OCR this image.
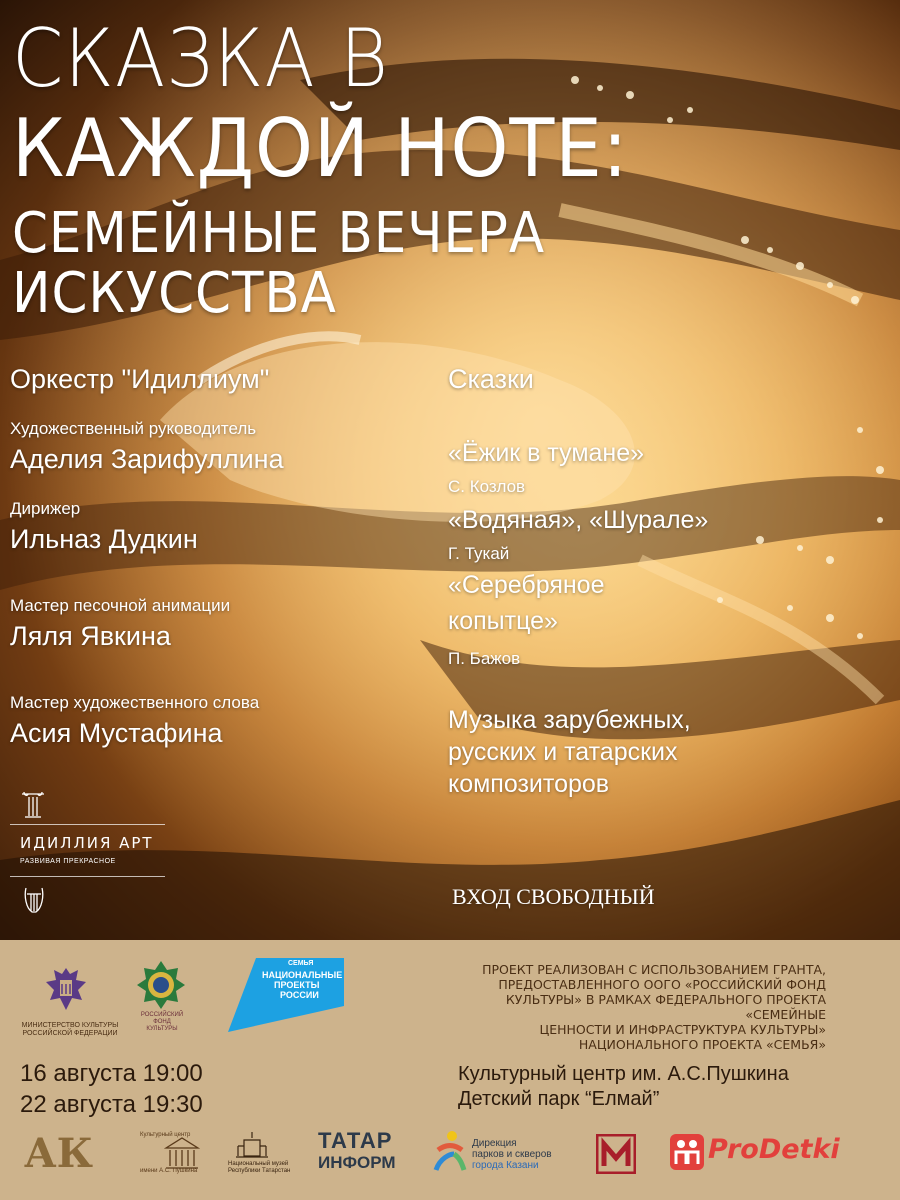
СКАЗКА В
КАЖДОЙ НОТЕ:
СЕМЕЙНЫЕ ВЕЧЕРА
ИСКУССТВА
Оркестр "Идиллиум"
Художественный руководитель
Аделия Зарифуллина
Дирижер
Ильназ Дудкин
Мастер песочной анимации
Ляля Явкина
Мастер художественного слова
Асия Мустафина
Сказки
«Ёжик в тумане»
С. Козлов
«Водяная», «Шурале»
Г. Тукай
«Серебряное
копытце»
П. Бажов
Музыка зарубежных,
русских и татарских
композиторов
ВХОД СВОБОДНЫЙ
ИДИЛЛИЯ АРТ
РАЗВИВАЯ ПРЕКРАСНОЕ
МИНИСТЕРСТВО КУЛЬТУРЫ РОССИЙСКОЙ ФЕДЕРАЦИИ
РОССИЙСКИЙ ФОНД КУЛЬТУРЫ
СЕМЬЯ
НАЦИОНАЛЬНЫЕ
ПРОЕКТЫ
РОССИИ
ПРОЕКТ РЕАЛИЗОВАН С ИСПОЛЬЗОВАНИЕМ ГРАНТА,
ПРЕДОСТАВЛЕННОГО ООГО «РОССИЙСКИЙ ФОНД
КУЛЬТУРЫ» В РАМКАХ ФЕДЕРАЛЬНОГО ПРОЕКТА «СЕМЕЙНЫЕ
ЦЕННОСТИ И ИНФРАСТРУКТУРА КУЛЬТУРЫ»
НАЦИОНАЛЬНОГО ПРОЕКТА «СЕМЬЯ»
16 августа 19:00
22 августа 19:30
Культурный центр им. А.С.Пушкина
Детский парк “Елмай”
АК	Культурный центр
имени А.С. Пушкина
Национальный музей
Республики Татарстан
ТАТАР
ИНФОРМ
Дирекция
парков и скверов
города Казани
ProDetki
